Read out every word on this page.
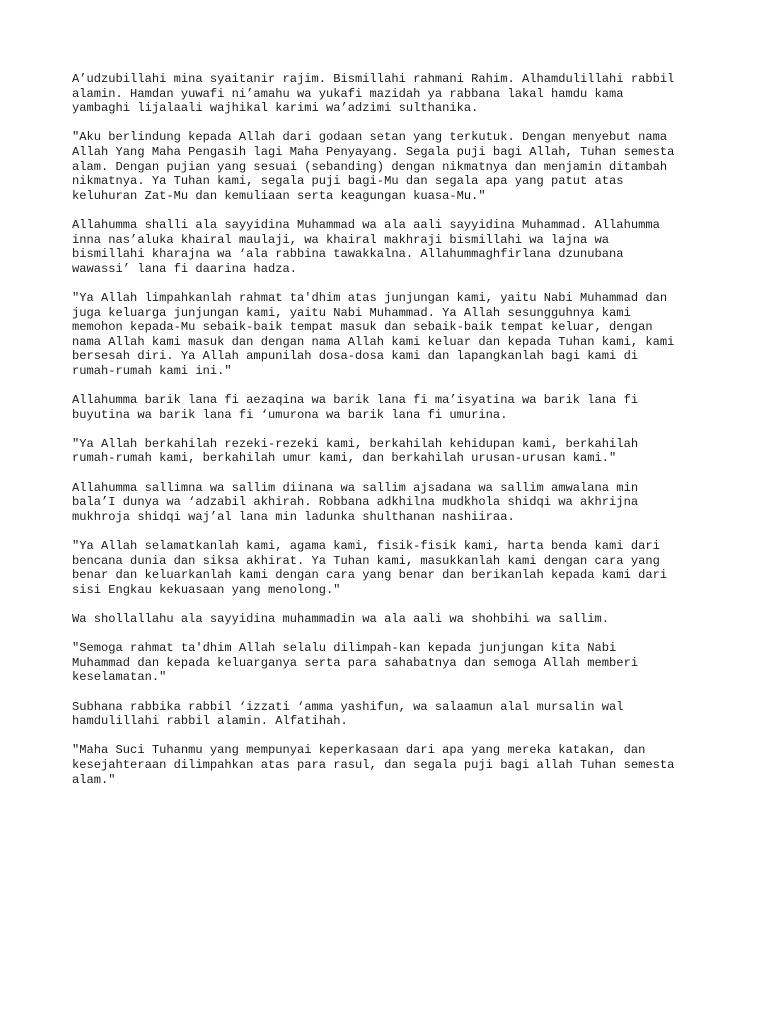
A’udzubillahi mina syaitanir rajim. Bismillahi rahmani Rahim. Alhamdulillahi rabbil
alamin. Hamdan yuwafi ni’amahu wa yukafi mazidah ya rabbana lakal hamdu kama
yambaghi lijalaali wajhikal karimi wa’adzimi sulthanika.

"Aku berlindung kepada Allah dari godaan setan yang terkutuk. Dengan menyebut nama
Allah Yang Maha Pengasih lagi Maha Penyayang. Segala puji bagi Allah, Tuhan semesta
alam. Dengan pujian yang sesuai (sebanding) dengan nikmatnya dan menjamin ditambah
nikmatnya. Ya Tuhan kami, segala puji bagi-Mu dan segala apa yang patut atas
keluhuran Zat-Mu dan kemuliaan serta keagungan kuasa-Mu."

Allahumma shalli ala sayyidina Muhammad wa ala aali sayyidina Muhammad. Allahumma
inna nas’aluka khairal maulaji, wa khairal makhraji bismillahi wa lajna wa
bismillahi kharajna wa ‘ala rabbina tawakkalna. Allahummaghfirlana dzunubana
wawassi’ lana fi daarina hadza.

"Ya Allah limpahkanlah rahmat ta'dhim atas junjungan kami, yaitu Nabi Muhammad dan
juga keluarga junjungan kami, yaitu Nabi Muhammad. Ya Allah sesungguhnya kami
memohon kepada-Mu sebaik-baik tempat masuk dan sebaik-baik tempat keluar, dengan
nama Allah kami masuk dan dengan nama Allah kami keluar dan kepada Tuhan kami, kami
bersesah diri. Ya Allah ampunilah dosa-dosa kami dan lapangkanlah bagi kami di
rumah-rumah kami ini."

Allahumma barik lana fi aezaqina wa barik lana fi ma’isyatina wa barik lana fi
buyutina wa barik lana fi ‘umurona wa barik lana fi umurina.

"Ya Allah berkahilah rezeki-rezeki kami, berkahilah kehidupan kami, berkahilah
rumah-rumah kami, berkahilah umur kami, dan berkahilah urusan-urusan kami."

Allahumma sallimna wa sallim diinana wa sallim ajsadana wa sallim amwalana min
bala’I dunya wa ‘adzabil akhirah. Robbana adkhilna mudkhola shidqi wa akhrijna
mukhroja shidqi waj’al lana min ladunka shulthanan nashiiraa.

"Ya Allah selamatkanlah kami, agama kami, fisik-fisik kami, harta benda kami dari
bencana dunia dan siksa akhirat. Ya Tuhan kami, masukkanlah kami dengan cara yang
benar dan keluarkanlah kami dengan cara yang benar dan berikanlah kepada kami dari
sisi Engkau kekuasaan yang menolong."

Wa shollallahu ala sayyidina muhammadin wa ala aali wa shohbihi wa sallim.

"Semoga rahmat ta'dhim Allah selalu dilimpah-kan kepada junjungan kita Nabi
Muhammad dan kepada keluarganya serta para sahabatnya dan semoga Allah memberi
keselamatan."

Subhana rabbika rabbil ‘izzati ‘amma yashifun, wa salaamun alal mursalin wal
hamdulillahi rabbil alamin. Alfatihah.

"Maha Suci Tuhanmu yang mempunyai keperkasaan dari apa yang mereka katakan, dan
kesejahteraan dilimpahkan atas para rasul, dan segala puji bagi allah Tuhan semesta
alam."
